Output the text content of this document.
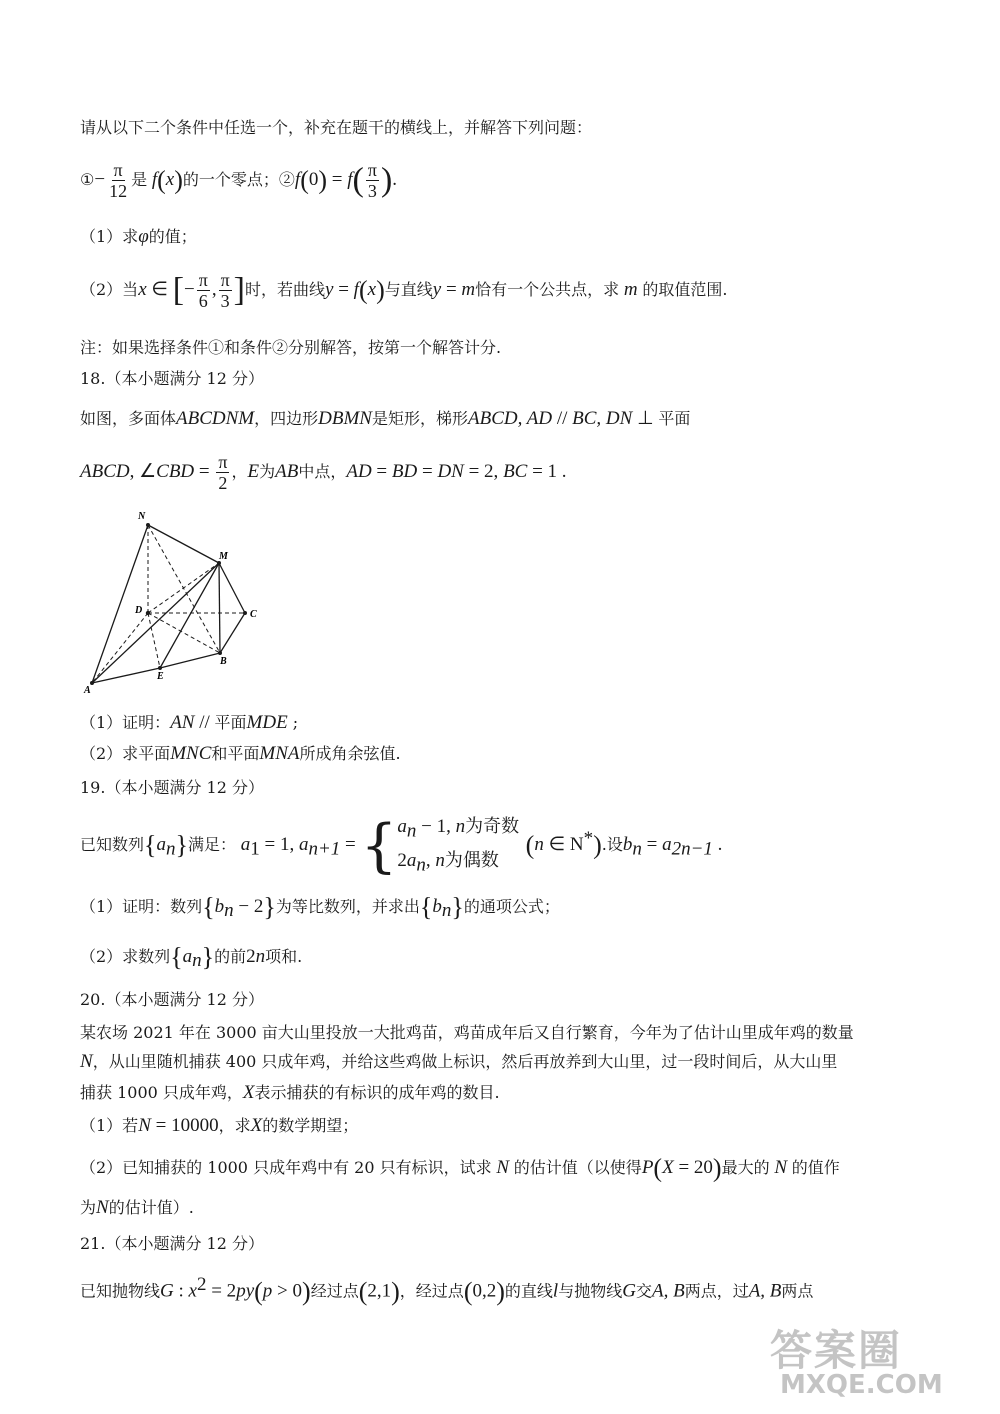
请从以下二个条件中任选一个，补充在题干的横线上，并解答下列问题：
①− $\frac{\pi}{12}$ 是 f(x)的一个零点；②f(0) = $f( \frac{\pi}{3}$ ).
（1）求φ的值；
（2）当x ∈ [− $\frac{\pi}{6}$ , $\frac{\pi}{3}$ ]时，若曲线y = f(x)与直线y = m恰有一个公共点，求 m 的取值范围.
注：如果选择条件①和条件②分别解答，按第一个解答计分.
18.（本小题满分 12 分）
如图，多面体ABCDNM，四边形DBMN是矩形，梯形ABCD, AD // BC, DN ⊥ 平面
ABCD, ∠CBD = $\frac{\pi}{2}$ ，E为AB中点，AD = BD = DN = 2, BC = 1 .
N
M
D	C
B
E
A
（1）证明：AN // 平面MDE ;
（2）求平面MNC和平面MNA所成角余弦值.
19.（本小题满分 12 分）
已知数列$\{a_n\}$满足： $a_1 = 1$, $a_{n+1}$ = { $a_n - 1$, n为奇数
$2a_n$, n为偶数
(n ∈ N*).设$b_n = a_{2n-1}$ .
（1）证明：数列$\{b_n - 2\}$为等比数列，并求出$\{b_n\}$的通项公式；
（2）求数列$\{a_n\}$的前2n项和.
20.（本小题满分 12 分）
某农场 2021 年在 3000 亩大山里投放一大批鸡苗，鸡苗成年后又自行繁育，今年为了估计山里成年鸡的数量
N，从山里随机捕获 400 只成年鸡，并给这些鸡做上标识，然后再放养到大山里，过一段时间后，从大山里
捕获 1000 只成年鸡，X表示捕获的有标识的成年鸡的数目.
（1）若N = 10000，求X的数学期望；
（2）已知捕获的 1000 只成年鸡中有 20 只有标识，试求 N 的估计值（以使得P(X = 20)最大的 N 的值作
为N的估计值）.
21.（本小题满分 12 分）
已知抛物线G : $x^2 = 2py(p > 0)$经过点(2,1)，经过点(0,2)的直线l与抛物线G交A, B两点，过A, B两点
答案圈
MXQE.COM
